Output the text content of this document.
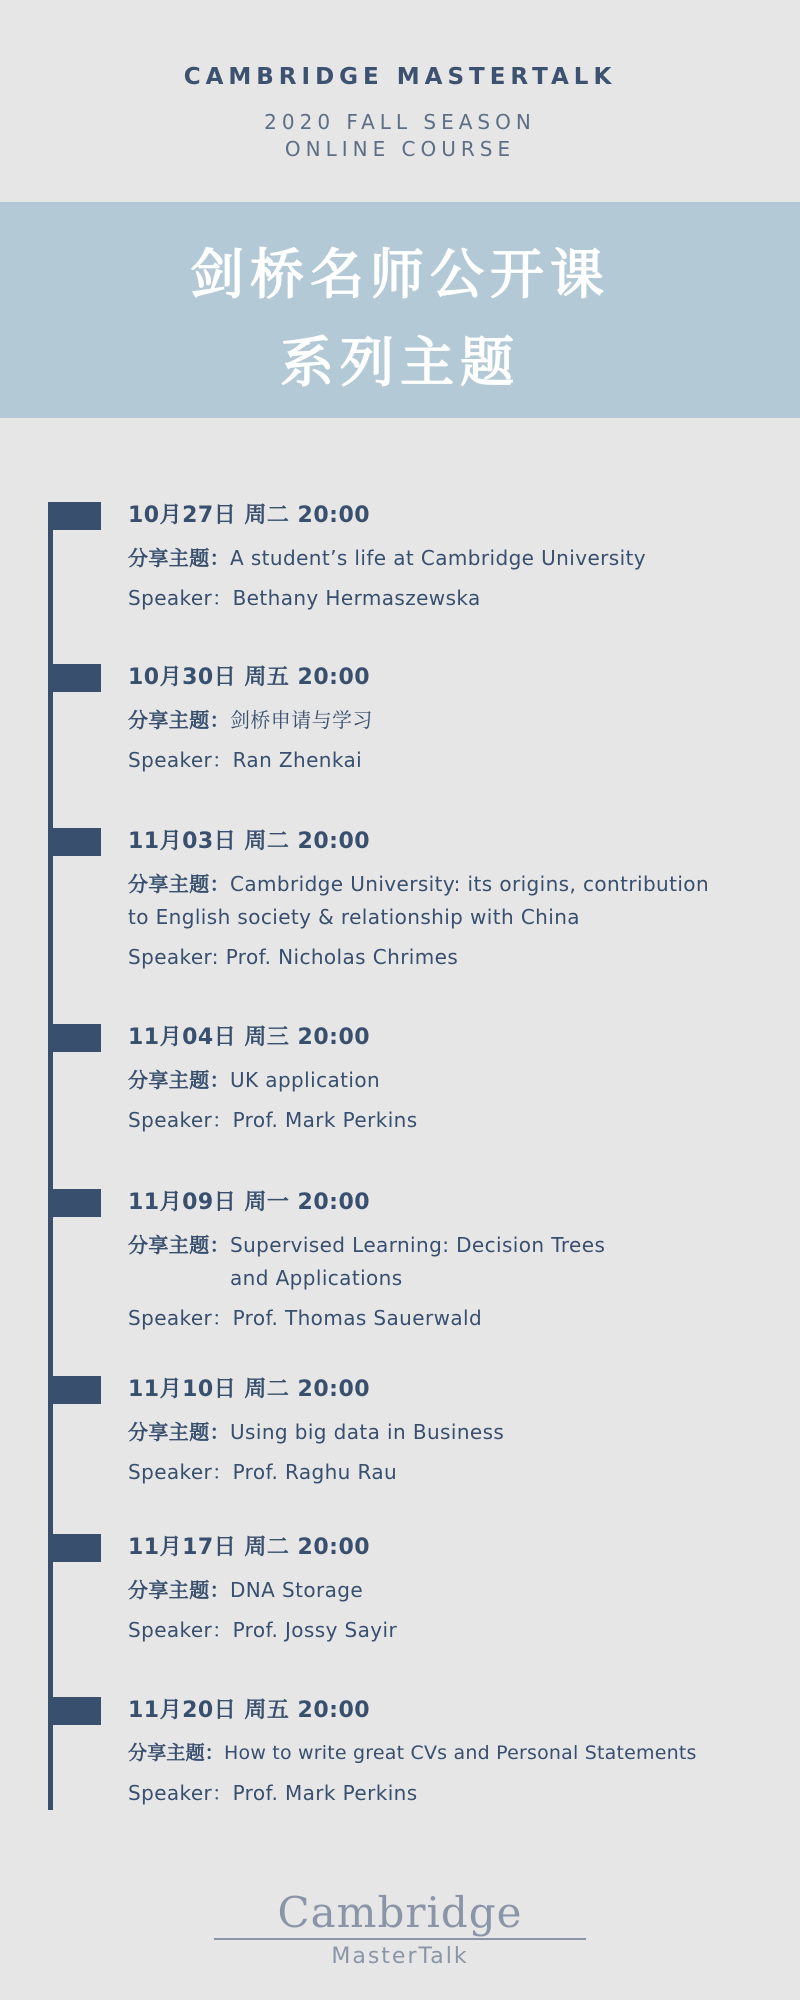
CAMBRIDGE MASTERTALK
2020 FALL SEASON
ONLINE COURSE
剑桥名师公开课
系列主题
10月27日 周二 20:00
分享主题：A student’s life at Cambridge University
Speaker：Bethany Hermaszewska
10月30日 周五 20:00
分享主题：剑桥申请与学习
Speaker：Ran Zhenkai
11月03日 周二 20:00
分享主题：Cambridge University: its origins, contribution
to English society & relationship with China
Speaker: Prof. Nicholas Chrimes
11月04日 周三 20:00
分享主题：UK application
Speaker：Prof. Mark Perkins
11月09日 周一 20:00
分享主题：Supervised Learning: Decision Trees
and Applications
Speaker：Prof. Thomas Sauerwald
11月10日 周二 20:00
分享主题：Using big data in Business
Speaker：Prof. Raghu Rau
11月17日 周二 20:00
分享主题：DNA Storage
Speaker：Prof. Jossy Sayir
11月20日 周五 20:00
分享主题：How to write great CVs and Personal Statements
Speaker：Prof. Mark Perkins
Cambridge
MasterTalk
